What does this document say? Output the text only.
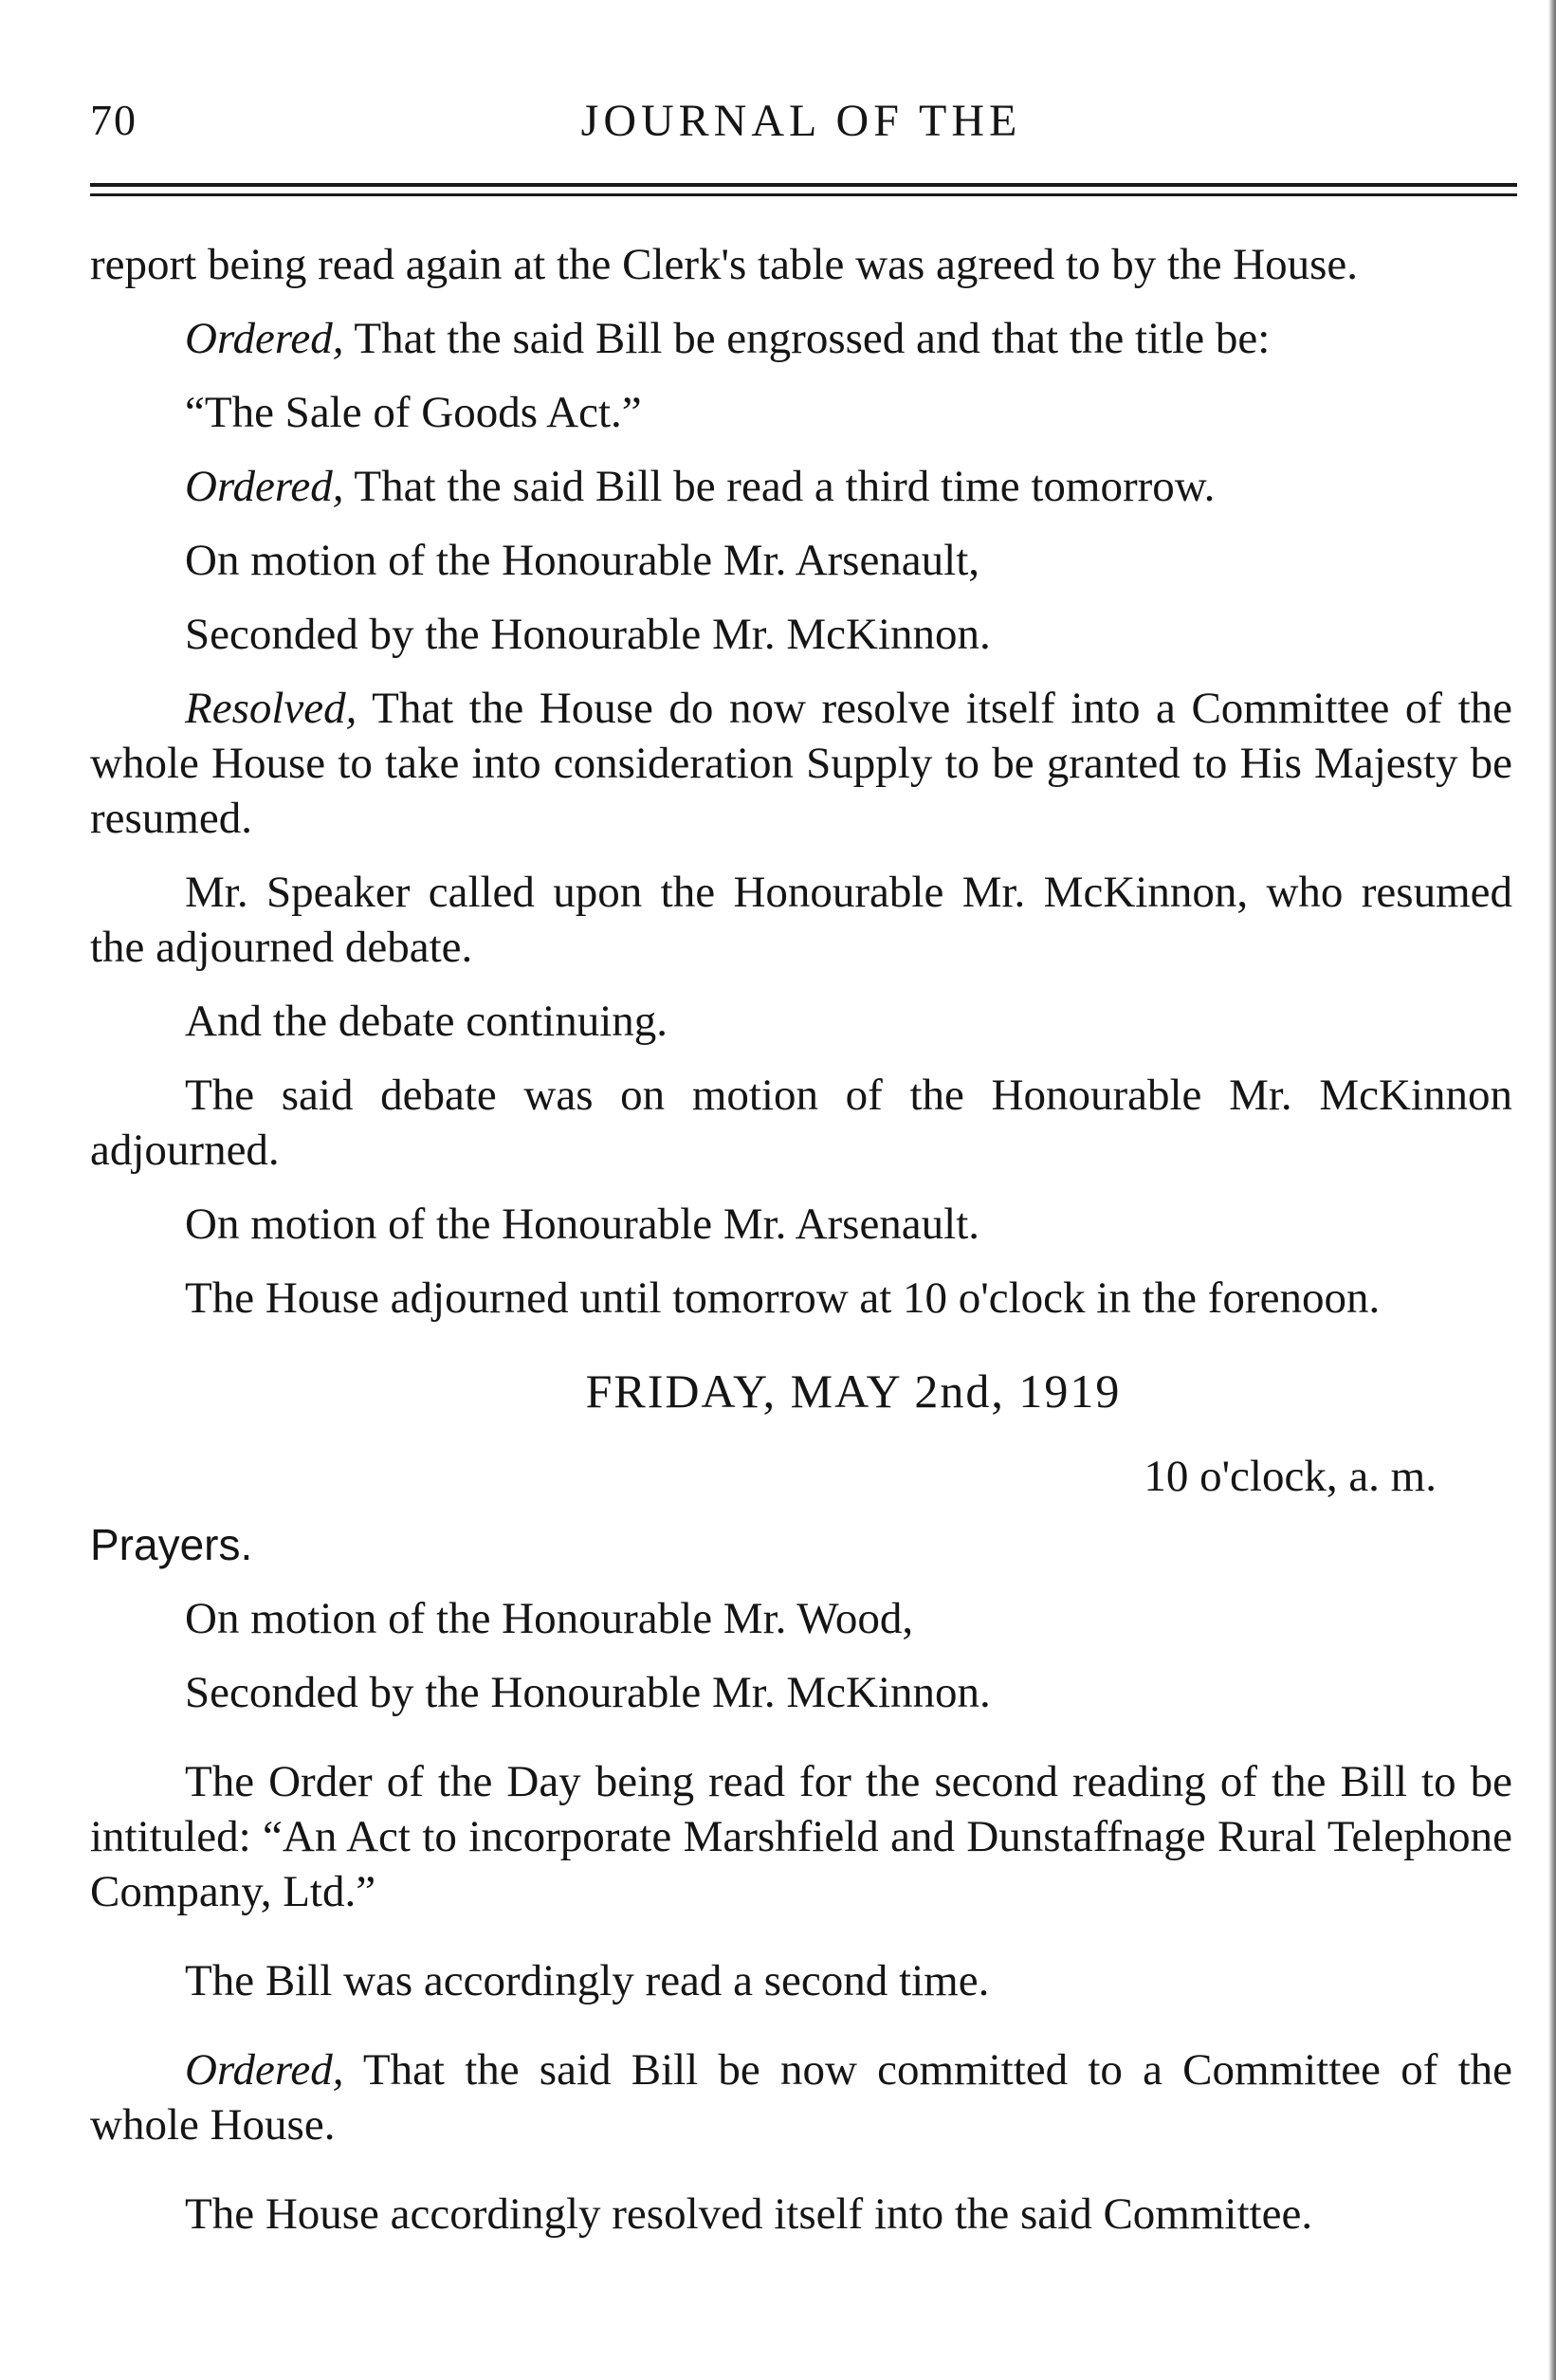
70	JOURNAL OF THE

report being read again at the Clerk's table was agreed to by the House.

Ordered, That the said Bill be engrossed and that the title be:

“The Sale of Goods Act.”

Ordered, That the said Bill be read a third time tomorrow.

On motion of the Honourable Mr. Arsenault,

Seconded by the Honourable Mr. McKinnon.

Resolved, That the House do now resolve itself into a Committee of the whole House to take into consideration Supply to be granted to His Majesty be resumed.

Mr. Speaker called upon the Honourable Mr. McKinnon, who resumed the adjourned debate.

And the debate continuing.

The said debate was on motion of the Honourable Mr. McKinnon adjourned.

On motion of the Honourable Mr. Arsenault.

The House adjourned until tomorrow at 10 o'clock in the forenoon.

FRIDAY, MAY 2nd, 1919

10 o'clock, a. m.

Prayers.

On motion of the Honourable Mr. Wood,

Seconded by the Honourable Mr. McKinnon.

The Order of the Day being read for the second reading of the Bill to be intituled: “An Act to incorporate Marshfield and Dunstaffnage Rural Telephone Company, Ltd.”

The Bill was accordingly read a second time.

Ordered, That the said Bill be now committed to a Committee of the whole House.

The House accordingly resolved itself into the said Committee.
